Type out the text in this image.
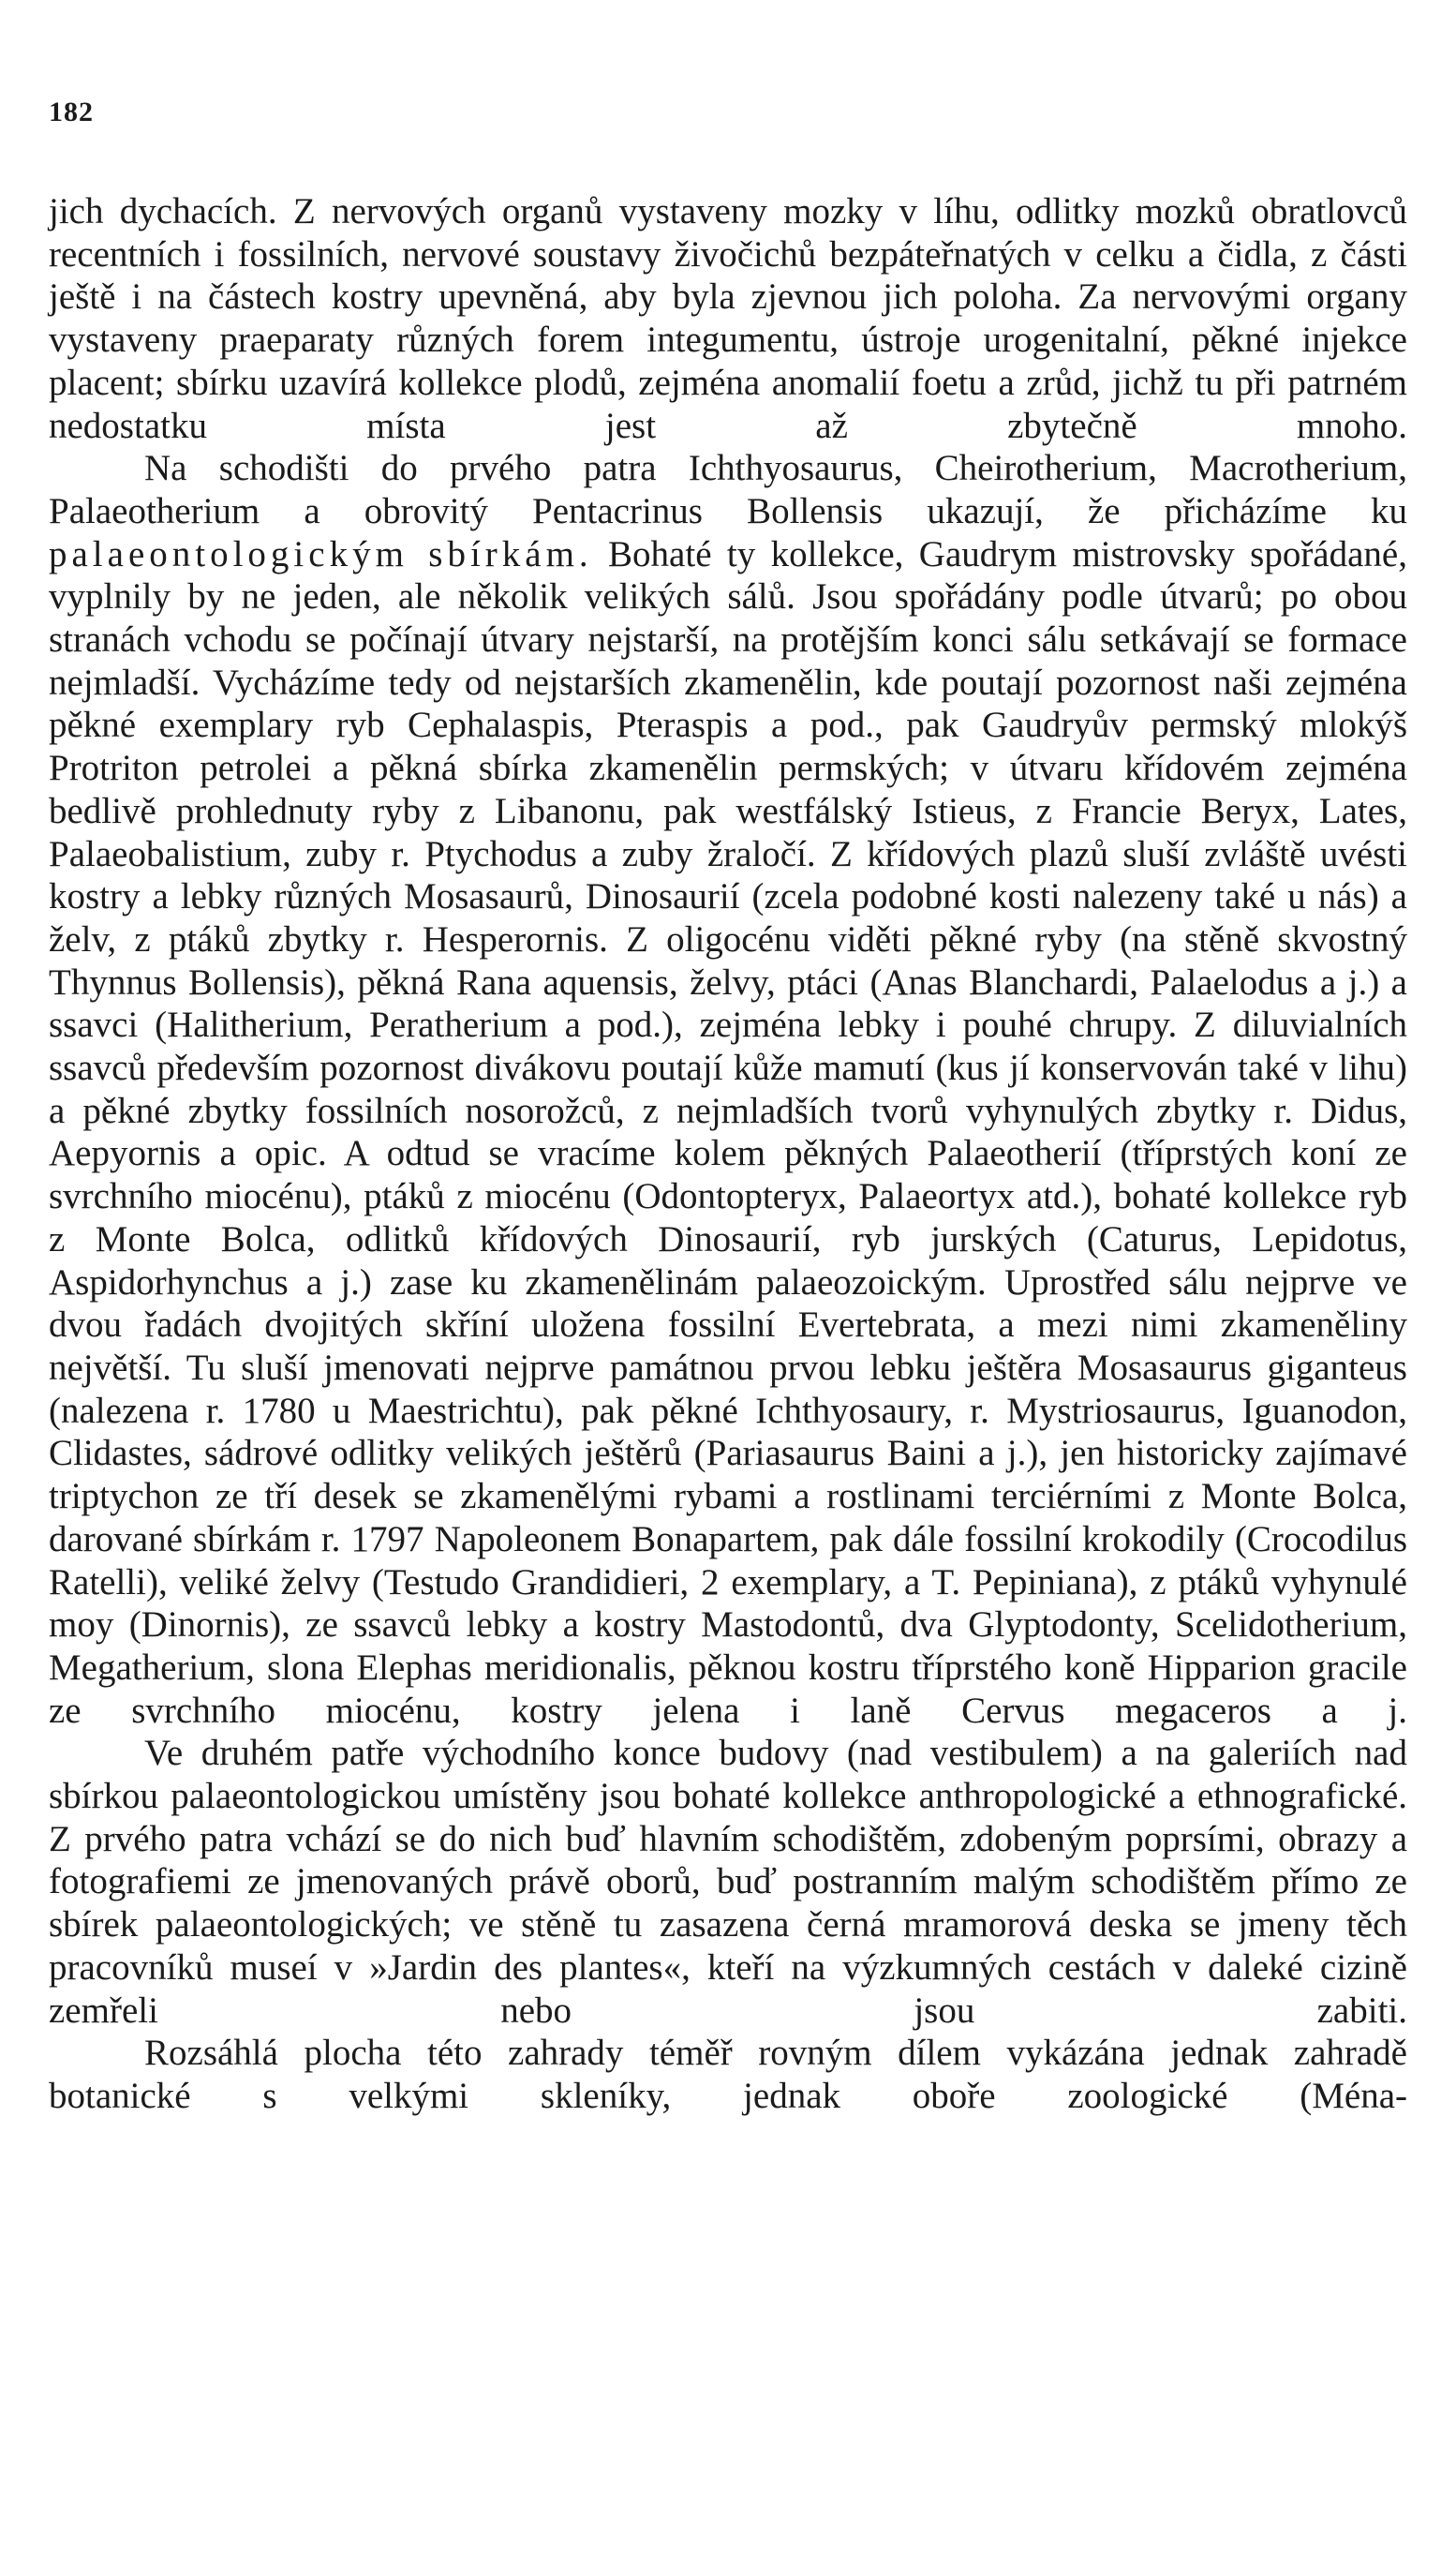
182

jich dychacích. Z nervových organů vystaveny mozky v líhu, odlitky mozků obratlovců recentních i fossilních, nervové soustavy živočichů bezpáteřnatých v celku a čidla, z části ještě i na částech kostry upevněná, aby byla zjevnou jich poloha. Za nervovými organy vystaveny praeparaty různých forem integumentu, ústroje urogenitalní, pěkné injekce placent; sbírku uzavírá kollekce plodů, zejména anomalií foetu a zrůd, jichž tu při patrném nedostatku místa jest až zbytečně mnoho.

Na schodišti do prvého patra Ichthyosaurus, Cheirotherium, Macrotherium, Palaeotherium a obrovitý Pentacrinus Bollensis ukazují, že přicházíme ku palaeontologickým sbírkám. Bohaté ty kollekce, Gaudrym mistrovsky spořádané, vyplnily by ne jeden, ale několik velikých sálů. Jsou spořádány podle útvarů; po obou stranách vchodu se počínají útvary nejstarší, na protějším konci sálu setkávají se formace nejmladší. Vycházíme tedy od nejstarších zkamenělin, kde poutají pozornost naši zejména pěkné exemplary ryb Cephalaspis, Pteraspis a pod., pak Gaudryův permský mlokýš Protriton petrolei a pěkná sbírka zkamenělin permských; v útvaru křídovém zejména bedlivě prohlednuty ryby z Libanonu, pak westfálský Istieus, z Francie Beryx, Lates, Palaeobalistium, zuby r. Ptychodus a zuby žraločí. Z křídových plazů sluší zvláště uvésti kostry a lebky různých Mosasaurů, Dinosaurií (zcela podobné kosti nalezeny také u nás) a želv, z ptáků zbytky r. Hesperornis. Z oligocénu viděti pěkné ryby (na stěně skvostný Thynnus Bollensis), pěkná Rana aquensis, želvy, ptáci (Anas Blanchardi, Palaelodus a j.) a ssavci (Halitherium, Peratherium a pod.), zejména lebky i pouhé chrupy. Z diluvialních ssavců především pozornost divákovu poutají kůže mamutí (kus jí konservován také v lihu) a pěkné zbytky fossilních nosorožců, z nejmladších tvorů vyhynulých zbytky r. Didus, Aepyornis a opic. A odtud se vracíme kolem pěkných Palaeotherií (tříprstých koní ze svrchního miocénu), ptáků z miocénu (Odontopteryx, Palaeortyx atd.), bohaté kollekce ryb z Monte Bolca, odlitků křídových Dinosaurií, ryb jurských (Caturus, Lepidotus, Aspidorhynchus a j.) zase ku zkamenělinám palaeozoickým. Uprostřed sálu nejprve ve dvou řadách dvojitých skříní uložena fossilní Evertebrata, a mezi nimi zkameněliny největší. Tu sluší jmenovati nejprve památnou prvou lebku ještěra Mosasaurus giganteus (nalezena r. 1780 u Maestrichtu), pak pěkné Ichthyosaury, r. Mystriosaurus, Iguanodon, Clidastes, sádrové odlitky velikých ještěrů (Pariasaurus Baini a j.), jen historicky zajímavé triptychon ze tří desek se zkamenělými rybami a rostlinami terciérními z Monte Bolca, darované sbírkám r. 1797 Napoleonem Bonapartem, pak dále fossilní krokodily (Crocodilus Ratelli), veliké želvy (Testudo Grandidieri, 2 exemplary, a T. Pepiniana), z ptáků vyhynulé moy (Dinornis), ze ssavců lebky a kostry Mastodontů, dva Glyptodonty, Scelidotherium, Megatherium, slona Elephas meridionalis, pěknou kostru tříprstého koně Hipparion gracile ze svrchního miocénu, kostry jelena i laně Cervus megaceros a j.

Ve druhém patře východního konce budovy (nad vestibulem) a na galeriích nad sbírkou palaeontologickou umístěny jsou bohaté kollekce anthropologické a ethnografické. Z prvého patra vchází se do nich buď hlavním schodištěm, zdobeným poprsími, obrazy a fotografiemi ze jmenovaných právě oborů, buď postranním malým schodištěm přímo ze sbírek palaeontologických; ve stěně tu zasazena černá mramorová deska se jmeny těch pracovníků museí v »Jardin des plantes«, kteří na výzkumných cestách v daleké cizině zemřeli nebo jsou zabiti.

Rozsáhlá plocha této zahrady téměř rovným dílem vykázána jednak zahradě botanické s velkými skleníky, jednak oboře zoologické (Ména-
